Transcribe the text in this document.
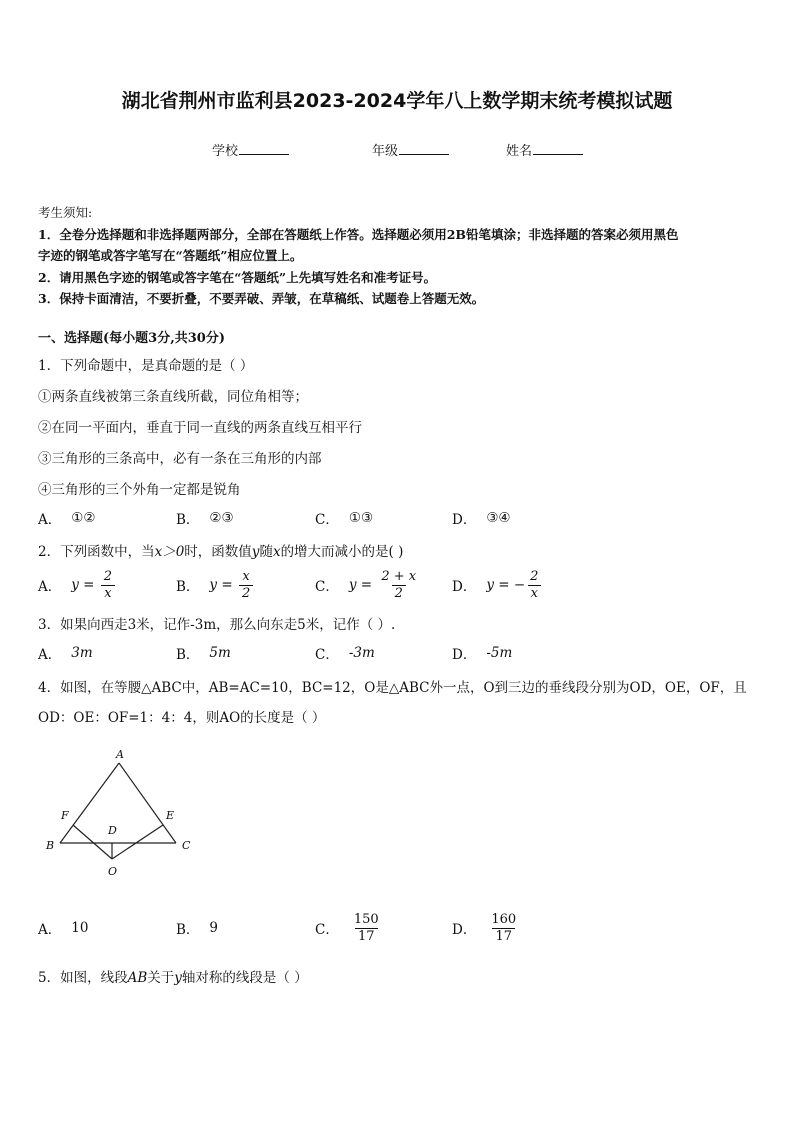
湖北省荆州市监利县2023-2024学年八上数学期末统考模拟试题
学校	年级	姓名
考生须知:
1．全卷分选择题和非选择题两部分，全部在答题纸上作答。选择题必须用2B铅笔填涂；非选择题的答案必须用黑色
字迹的钢笔或答字笔写在“答题纸”相应位置上。
2．请用黑色字迹的钢笔或答字笔在“答题纸”上先填写姓名和准考证号。
3．保持卡面清洁，不要折叠，不要弄破、弄皱，在草稿纸、试题卷上答题无效。
一、选择题(每小题3分,共30分)
1．下列命题中，是真命题的是（ ）
①两条直线被第三条直线所截，同位角相等；
②在同一平面内，垂直于同一直线的两条直线互相平行
③三角形的三条高中，必有一条在三角形的内部
④三角形的三个外角一定都是锐角
A． ①②	B． ②③	C． ①③	D． ③④
2．下列函数中，当x＞0时，函数值y随x的增大而减小的是( )
A． y =
$\frac{2}{x}$	B． y =
$\frac{x}{2}$	C． y =
$\frac{2 + x}{2}$ D． y =
− $\frac{2}{x}$
3．如果向西走3米，记作-3m，那么向东走5米，记作（ ）.
A． 3m	B． 5m	C． -3m	D． -5m
4．如图，在等腰△ABC中，AB=AC=10，BC=12，O是△ABC外一点，O到三边的垂线段分别为OD，OE，OF，且
OD：OE：OF=1：4：4，则AO的长度是（ ）
A
B	C
D
E
F
O
A． 10	B． 9	C． $\frac{150}{17}$	D． $\frac{160}{17}$
5．如图，线段AB关于y轴对称的线段是（ ）
